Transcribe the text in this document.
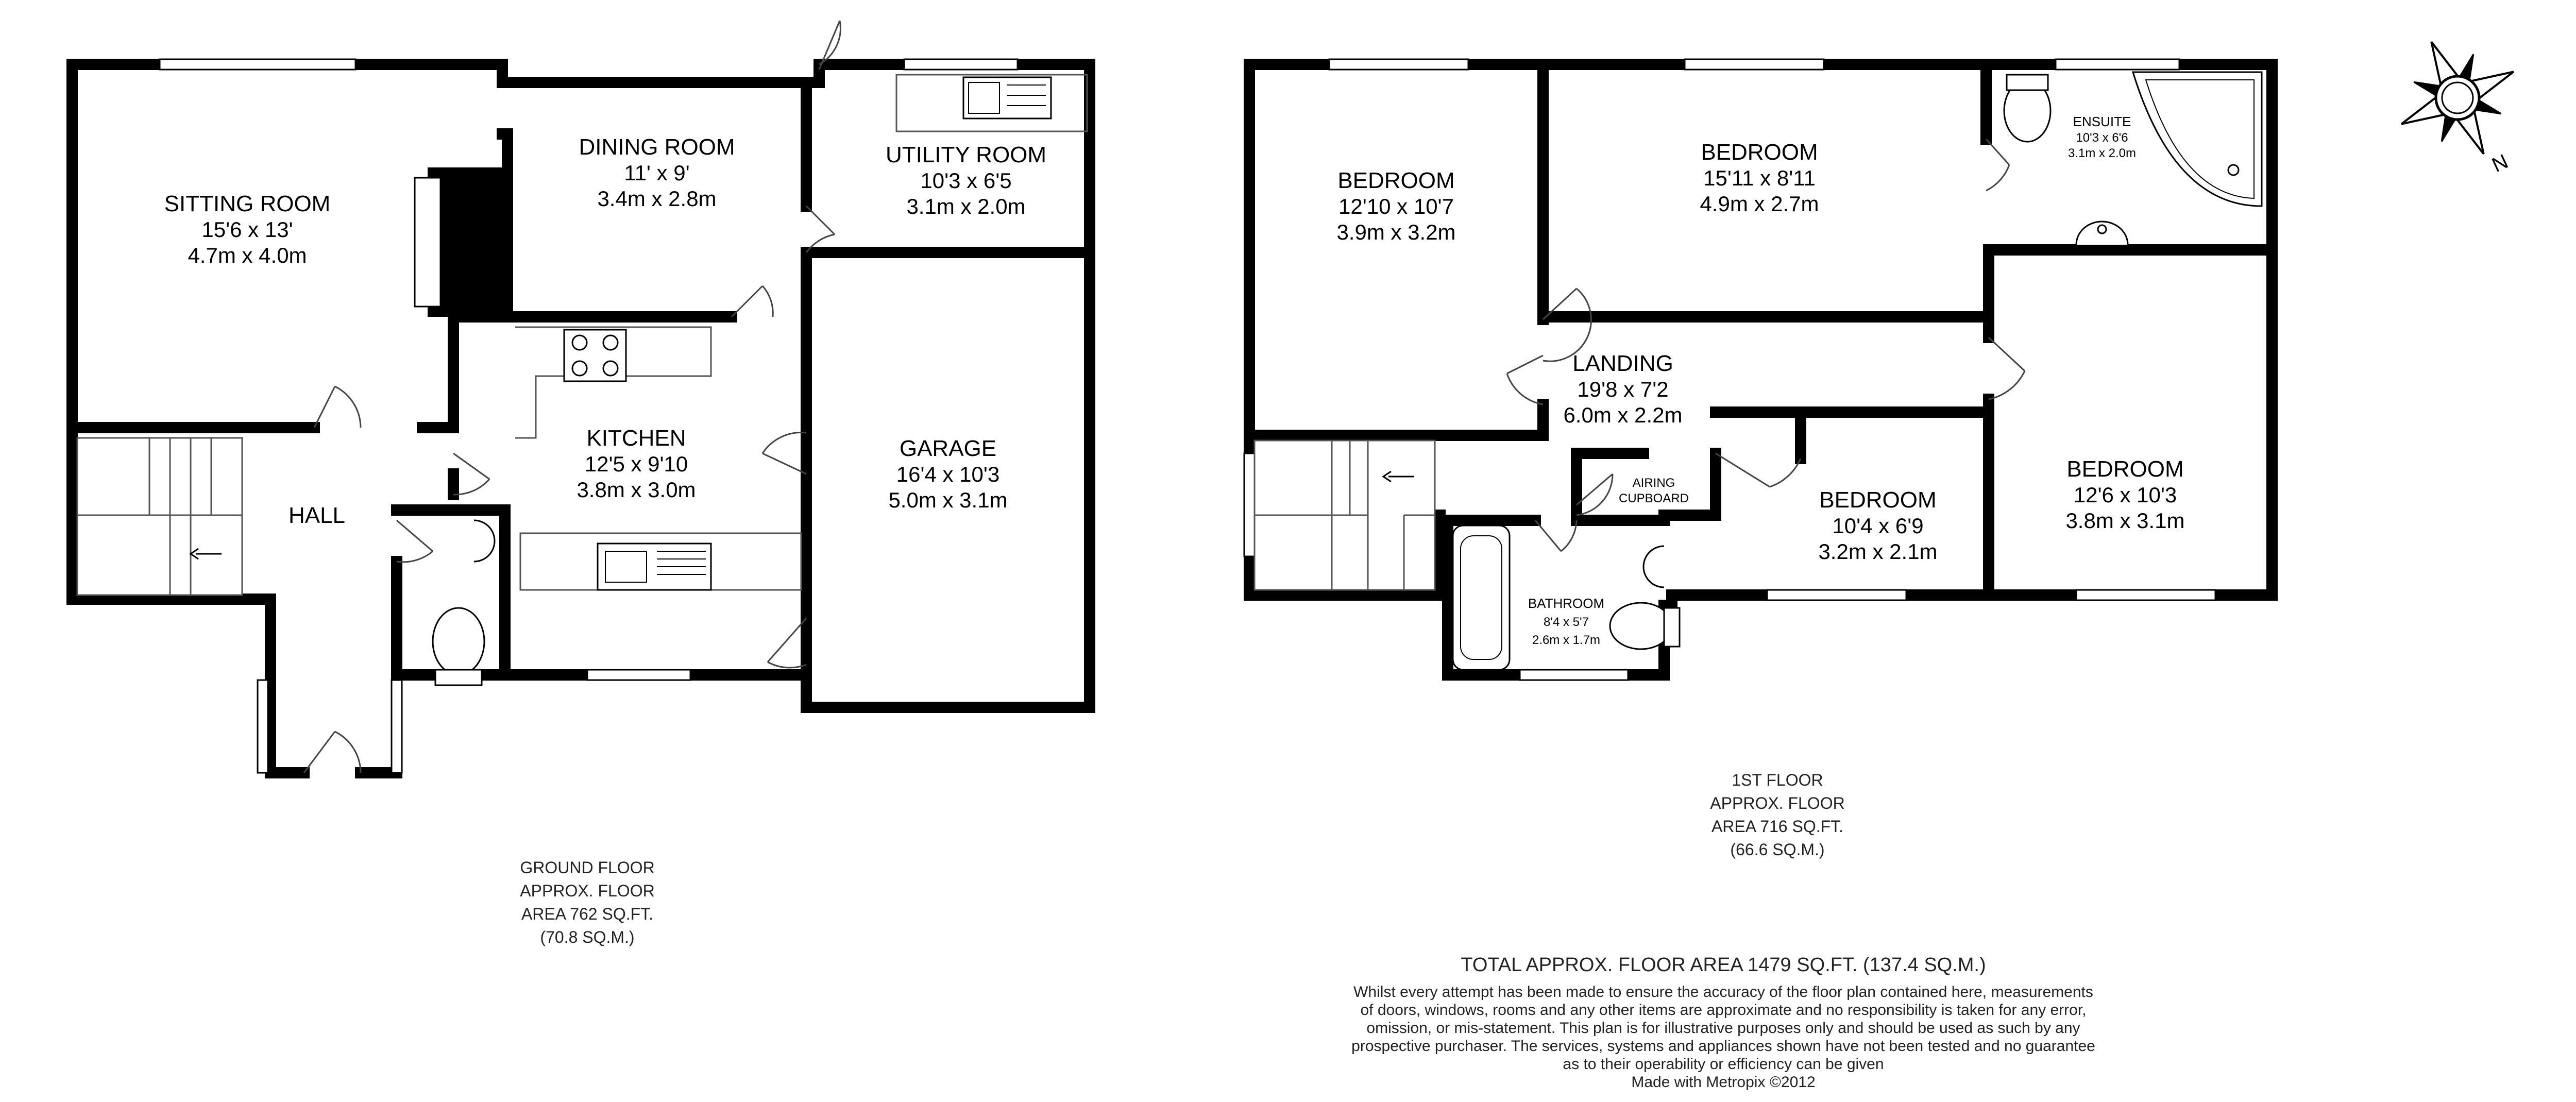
SITTING ROOM
15'6 x 13'
4.7m x 4.0m
DINING ROOM
11' x 9'
3.4m x 2.8m
UTILITY ROOM
10'3 x 6'5
3.1m x 2.0m
KITCHEN
12'5 x 9'10
3.8m x 3.0m
GARAGE
16'4 x 10'3
5.0m x 3.1m
HALL
GROUND FLOOR
APPROX. FLOOR
AREA 762 SQ.FT.
(70.8 SQ.M.)
BEDROOM
12'10 x 10'7
3.9m x 3.2m
BEDROOM
15'11 x 8'11
4.9m x 2.7m
ENSUITE
10'3 x 6'6
3.1m x 2.0m
LANDING
19'8 x 7'2
6.0m x 2.2m
BEDROOM
12'6 x 10'3
3.8m x 3.1m
BEDROOM
10'4 x 6'9
3.2m x 2.1m
BATHROOM
8'4 x 5'7
2.6m x 1.7m
AIRING
CUPBOARD
1ST FLOOR
APPROX. FLOOR
AREA 716 SQ.FT.
(66.6 SQ.M.)
N
TOTAL APPROX. FLOOR AREA 1479 SQ.FT. (137.4 SQ.M.)
Whilst every attempt has been made to ensure the accuracy of the floor plan contained here, measurements
of doors, windows, rooms and any other items are approximate and no responsibility is taken for any error,
omission, or mis-statement. This plan is for illustrative purposes only and should be used as such by any
prospective purchaser. The services, systems and appliances shown have not been tested and no guarantee
as to their operability or efficiency can be given
Made with Metropix ©2012
